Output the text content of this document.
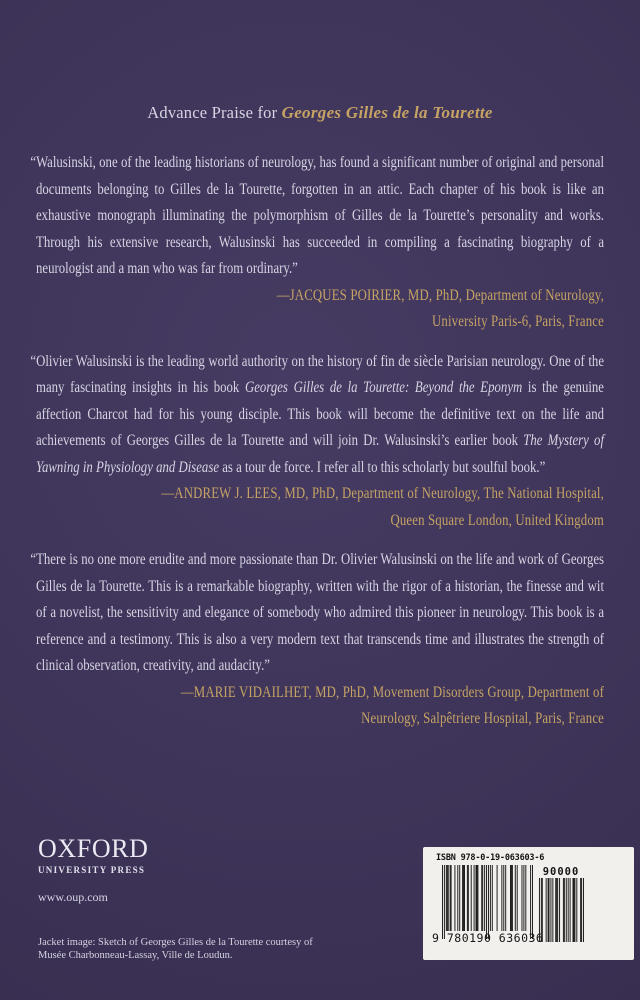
Advance Praise for Georges Gilles de la Tourette

“Walusinski, one of the leading historians of neurology, has found a significant number of original and personal documents belonging to Gilles de la Tourette, forgotten in an attic. Each chapter of his book is like an exhaustive monograph illuminating the polymorphism of Gilles de la Tourette’s personality and works. Through his extensive research, Walusinski has succeeded in compiling a fascinating biography of a neurologist and a man who was far from ordinary.”

—JACQUES POIRIER, MD, PhD, Department of Neurology,
University Paris-6, Paris, France

“Olivier Walusinski is the leading world authority on the history of fin de siècle Parisian neurology. One of the many fascinating insights in his book Georges Gilles de la Tourette: Beyond the Eponym is the genuine affection Charcot had for his young disciple. This book will become the definitive text on the life and achievements of Georges Gilles de la Tourette and will join Dr. Walusinski’s earlier book The Mystery of Yawning in Physiology and Disease as a tour de force. I refer all to this scholarly but soulful book.”

—ANDREW J. LEES, MD, PhD, Department of Neurology, The National Hospital,
Queen Square London, United Kingdom

“There is no one more erudite and more passionate than Dr. Olivier Walusinski on the life and work of Georges Gilles de la Tourette. This is a remarkable biography, written with the rigor of a historian, the finesse and wit of a novelist, the sensitivity and elegance of somebody who admired this pioneer in neurology. This book is a reference and a testimony. This is also a very modern text that transcends time and illustrates the strength of clinical observation, creativity, and audacity.”

—MARIE VIDAILHET, MD, PhD, Movement Disorders Group, Department of
Neurology, Salpêtriere Hospital, Paris, France
OXFORD
UNIVERSITY PRESS
www.oup.com
Jacket image: Sketch of Georges Gilles de la Tourette courtesy of
Musée Charbonneau-Lassay, Ville de Loudun.
ISBN 978-0-19-063603-6
9 780190 636036
90000
